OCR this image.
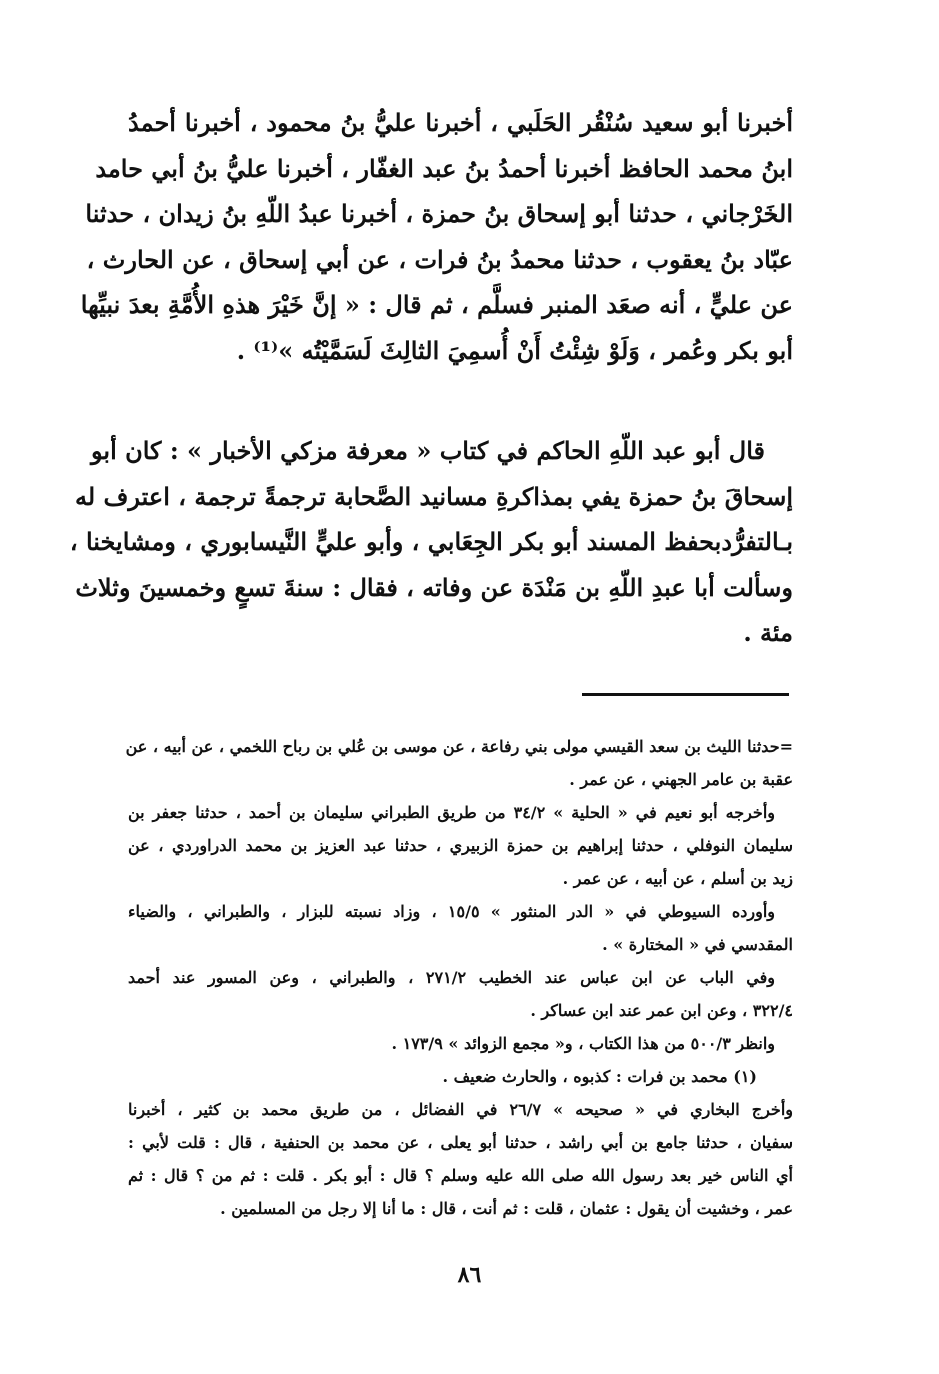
أخبرنا أبو سعيد سُنْقُر الحَلَبي ، أخبرنا عليُّ بنُ محمود ، أخبرنا أحمدُ
ابنُ محمد الحافظ أخبرنا أحمدُ بنُ عبد الغفّار ، أخبرنا عليُّ بنُ أبي حامد
الخَرْجاني ، حدثنا أبو إسحاق بنُ حمزة ، أخبرنا عبدُ اللّهِ بنُ زيدان ، حدثنا
عبّاد بنُ يعقوب ، حدثنا محمدُ بنُ فرات ، عن أبي إسحاق ، عن الحارث ،
عن عليٍّ ، أنه صعَد المنبر فسلَّم ، ثم قال : « إنَّ خَيْرَ هذهِ الأُمَّةِ بعدَ نبيِّها
أبو بكر وعُمر ، وَلَوْ شِئْتُ أَنْ أُسمِيَ الثالِثَ لَسَمَّيْتُه »⁽¹⁾ .

قال أبو عبد اللّهِ الحاكم في كتاب « معرفة مزكي الأخبار » : كان أبو
إسحاقَ بنُ حمزة يفي بمذاكرةِ مسانيد الصَّحابة ترجمةً ترجمة ، اعترف له
بـالتفرُّدبحفظ المسند أبو بكر الجِعَابي ، وأبو عليٍّ النَّيسابوري ، ومشايخنا ،
وسألت أبا عبدِ اللّهِ بن مَنْدَة عن وفاته ، فقال : سنةَ تسعٍ وخمسينَ وثلاث
مئة .

=حدثنا الليث بن سعد القيسي مولى بني رفاعة ، عن موسى بن عُلي بن رباح اللخمي ، عن أبيه ، عن
عقبة بن عامر الجهني ، عن عمر .
وأخرجه أبو نعيم في « الحلية » ٣٤/٢ من طريق الطبراني سليمان بن أحمد ، حدثنا جعفر بن
سليمان النوفلي ، حدثنا إبراهيم بن حمزة الزبيري ، حدثنا عبد العزيز بن محمد الدراوردي ، عن
زيد بن أسلم ، عن أبيه ، عن عمر .
وأورده السيوطي في « الدر المنثور » ١٥/٥ ، وزاد نسبته للبزار ، والطبراني ، والضياء
المقدسي في « المختارة » .
وفي الباب عن ابن عباس عند الخطيب ٢٧١/٢ ، والطبراني ، وعن المسور عند أحمد
٣٢٢/٤ ، وعن ابن عمر عند ابن عساكر .
وانظر ٥٠٠/٣ من هذا الكتاب ، و« مجمع الزوائد » ١٧٣/٩ .
(١) محمد بن فرات : كذبوه ، والحارث ضعيف .
وأخرج البخاري في « صحيحه » ٢٦/٧ في الفضائل ، من طريق محمد بن كثير ، أخبرنا
سفيان ، حدثنا جامع بن أبي راشد ، حدثنا أبو يعلى ، عن محمد بن الحنفية ، قال : قلت لأبي :
أي الناس خير بعد رسول الله صلى الله عليه وسلم ؟ قال : أبو بكر . قلت : ثم من ؟ قال : ثم
عمر ، وخشيت أن يقول : عثمان ، قلت : ثم أنت ، قال : ما أنا إلا رجل من المسلمين .
٨٦
